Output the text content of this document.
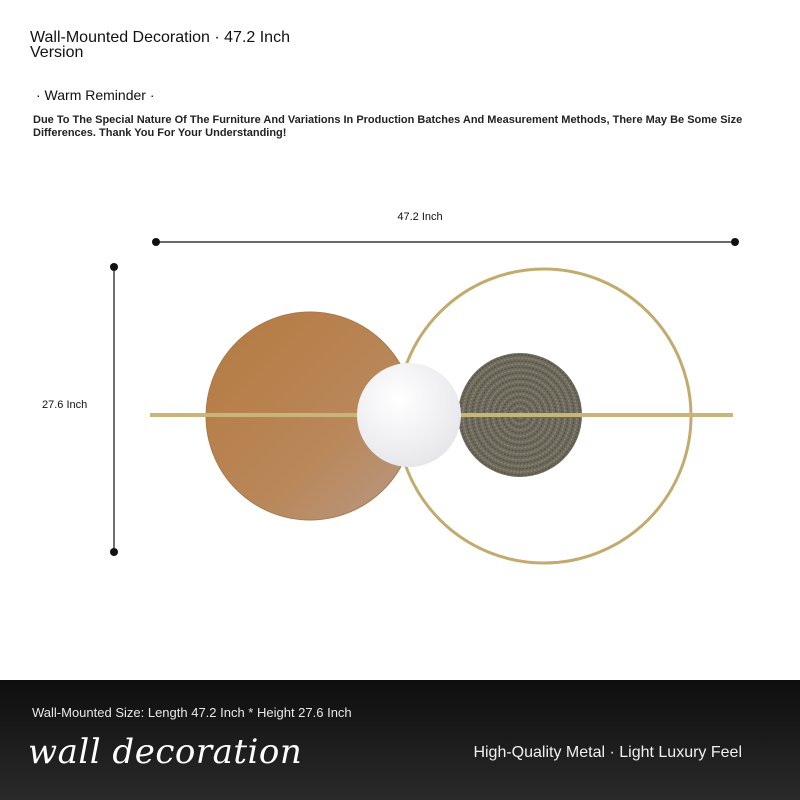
Wall-Mounted Decoration · 47.2 Inch Version
· Warm Reminder ·
Due To The Special Nature Of The Furniture And Variations In Production Batches And Measurement Methods, There May Be Some Size Differences. Thank You For Your Understanding!
47.2 Inch
27.6 Inch
Wall-Mounted Size: Length 47.2 Inch * Height 27.6 Inch
wall decoration	High-Quality Metal · Light Luxury Feel
